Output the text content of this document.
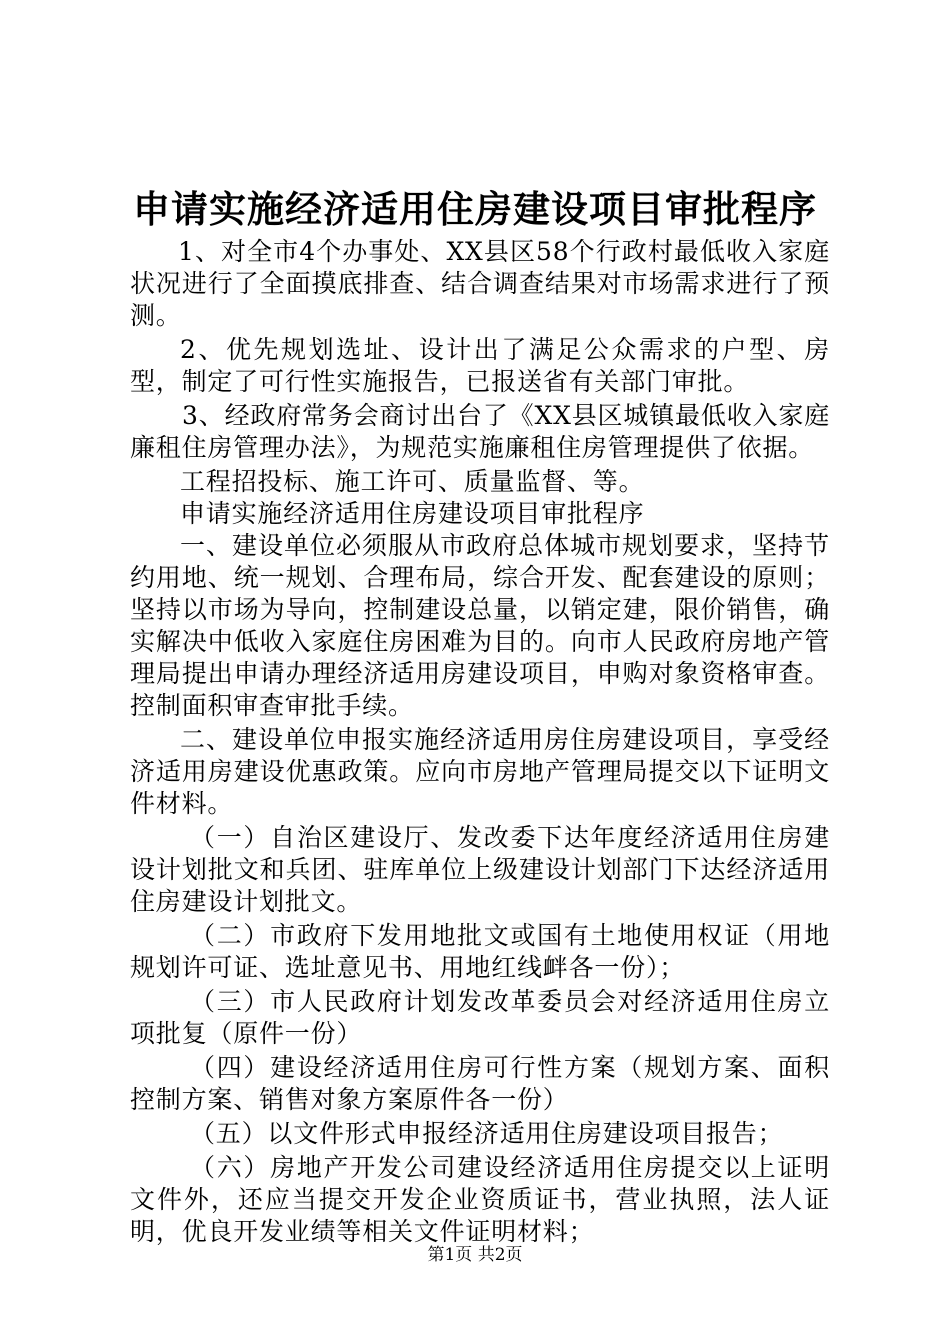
申请实施经济适用住房建设项目审批程序

1、对全市4个办事处、XX县区58个行政村最低收入家庭状况进行了全面摸底排查、结合调查结果对市场需求进行了预测。

2、优先规划选址、设计出了满足公众需求的户型、房型，制定了可行性实施报告，已报送省有关部门审批。

3、经政府常务会商讨出台了《XX县区城镇最低收入家庭廉租住房管理办法》，为规范实施廉租住房管理提供了依据。

工程招投标、施工许可、质量监督、等。

申请实施经济适用住房建设项目审批程序

一、建设单位必须服从市政府总体城市规划要求，坚持节约用地、统一规划、合理布局，综合开发、配套建设的原则；坚持以市场为导向，控制建设总量，以销定建，限价销售，确实解决中低收入家庭住房困难为目的。向市人民政府房地产管理局提出申请办理经济适用房建设项目，申购对象资格审查。控制面积审查审批手续。

二、建设单位申报实施经济适用房住房建设项目，享受经济适用房建设优惠政策。应向市房地产管理局提交以下证明文件材料。

（一）自治区建设厅、发改委下达年度经济适用住房建设计划批文和兵团、驻库单位上级建设计划部门下达经济适用住房建设计划批文。

（二）市政府下发用地批文或国有土地使用权证（用地规划许可证、选址意见书、用地红线衅各一份）；

（三）市人民政府计划发改革委员会对经济适用住房立项批复（原件一份）

（四）建设经济适用住房可行性方案（规划方案、面积控制方案、销售对象方案原件各一份）

（五）以文件形式申报经济适用住房建设项目报告；

（六）房地产开发公司建设经济适用住房提交以上证明文件外，还应当提交开发企业资质证书，营业执照，法人证明，优良开发业绩等相关文件证明材料；

第1页 共2页
